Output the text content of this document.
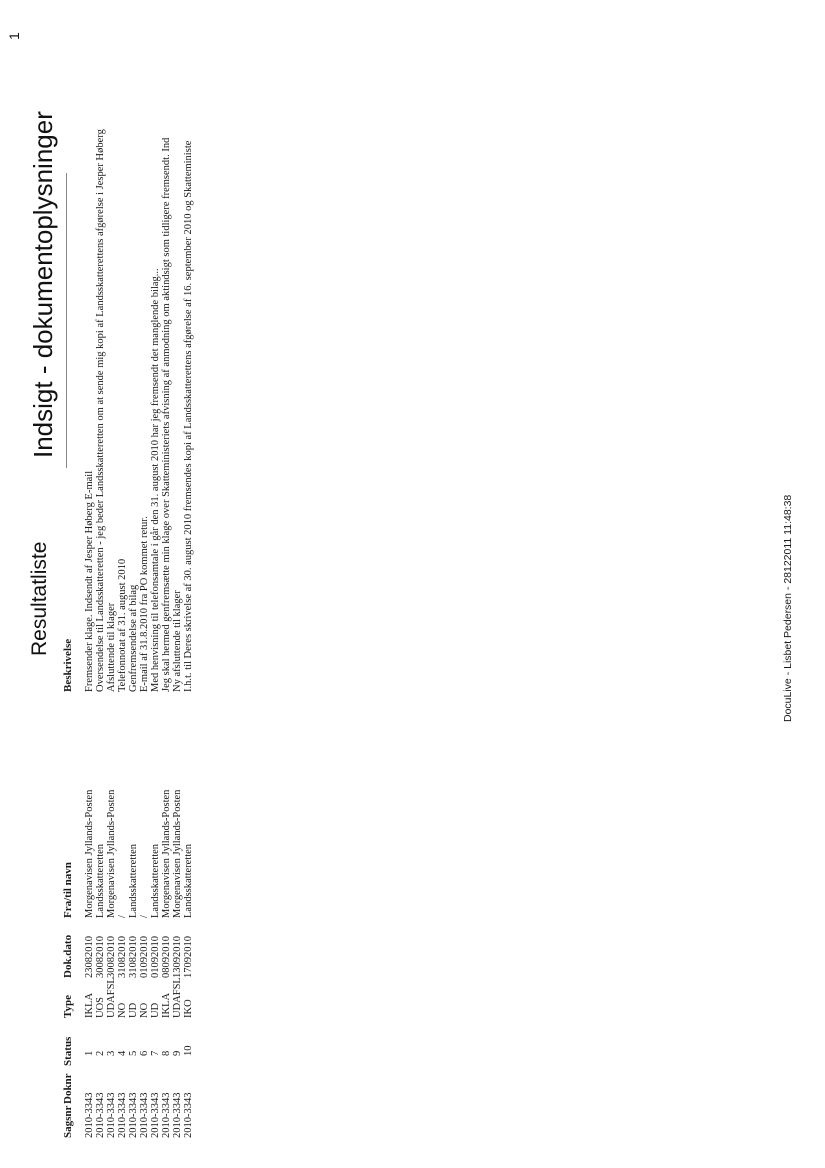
Resultatliste
Indsigt - dokumentoplysninger
1
Sagsnr
Doknr
Status
Type
Dok.dato
Fra/til navn
Beskrivelse
2010-3343
1
IKLA
23082010
Morgenavisen Jyllands-Posten
Fremsender klage. Indsendt af Jesper Høberg E-mail
2010-3343
2
UOS
30082010
Landsskatteretten
Oversendelse til Landsskatteretten - jeg beder Landsskatteretten om at sende mig kopi af Landsskatterettens afgørelse i Jesper Høberg
2010-3343
3
UDAFSL
30082010
Morgenavisen Jyllands-Posten
Afsluttende til klager
2010-3343
4
NO
31082010
/
Telefonnotat af 31. august 2010
2010-3343
5
UD
31082010
Landsskatteretten
Genfremsendelse af bilag
2010-3343
6
NO
01092010
/
E-mail af 31.8.2010 fra PO kommet retur.
2010-3343
7
UD
01092010
Landsskatteretten
Med henvisning til telefonsamtale i går den 31. august 2010 har jeg fremsendt det manglende bilag...
2010-3343
8
IKLA
08092010
Morgenavisen Jyllands-Posten
Jeg skal hermed genfremsætte min klage over Skatteministeriets afvisning af anmodning om aktindsigt som tidligere fremsendt. Ind
2010-3343
9
UDAFSL
13092010
Morgenavisen Jyllands-Posten
Ny afsluttende til klager
2010-3343
10
IKO
17092010
Landsskatteretten
I.h.t. til Deres skrivelse af 30. august 2010 fremsendes kopi af Landsskatterettens afgørelse af 16. september 2010 og Skatteministe	DocuLive - Lisbet Pedersen - 28122011 11:48:38
